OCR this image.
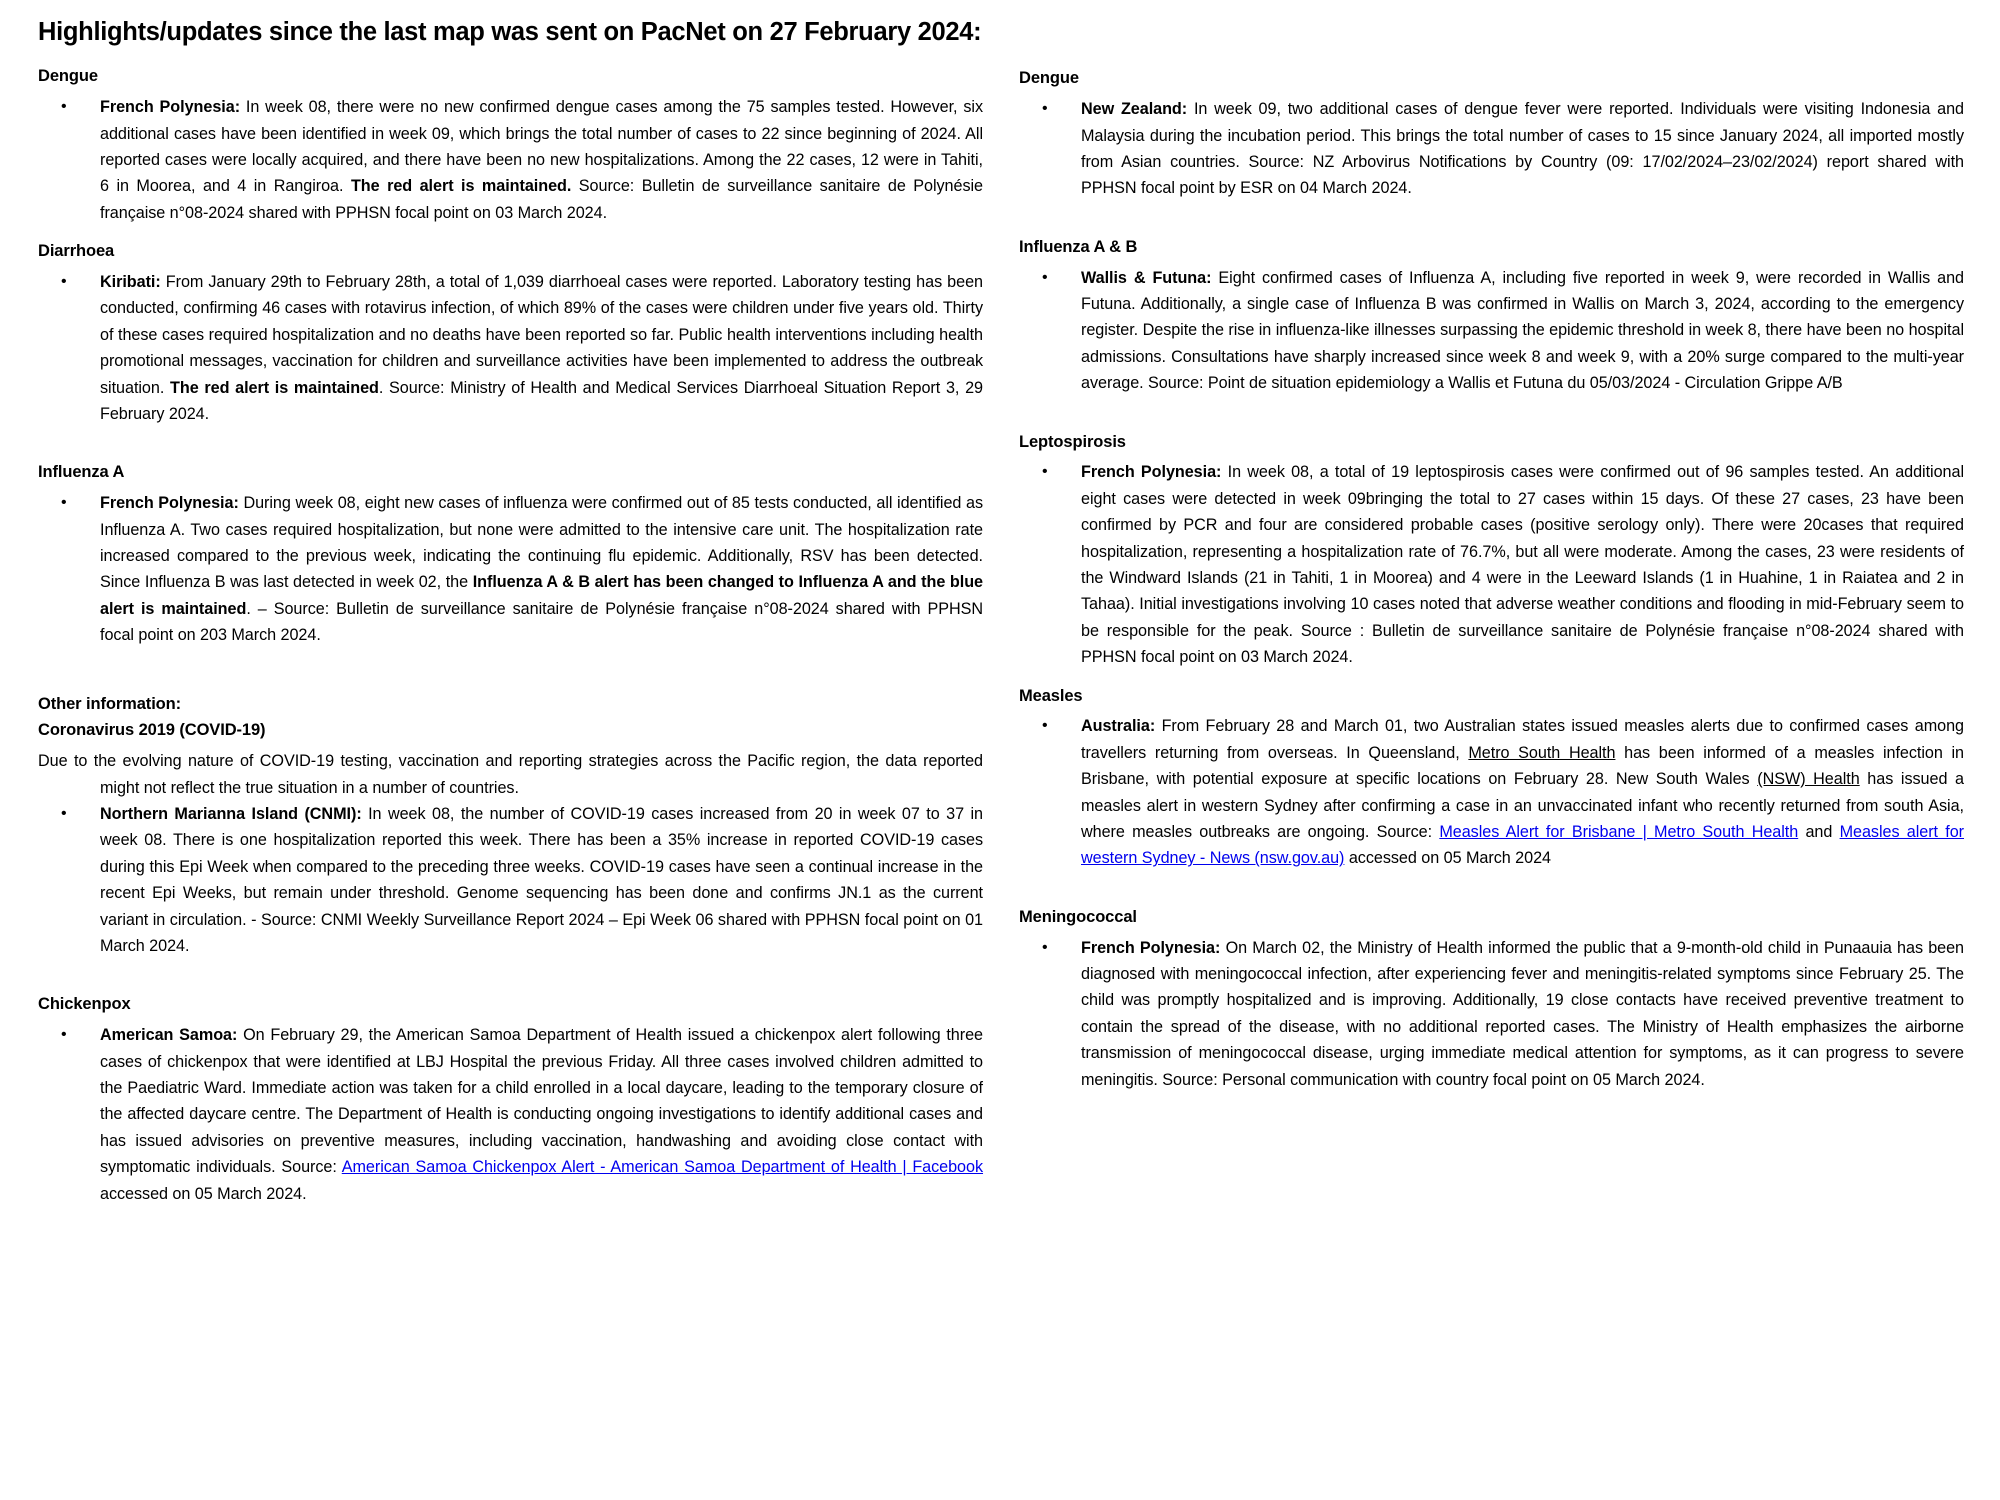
Highlights/updates since the last map was sent on PacNet on 27 February 2024:
Dengue
•	French Polynesia: In week 08, there were no new confirmed dengue cases among the 75 samples tested. However, six additional cases have been identified in week 09, which brings the total number of cases to 22 since beginning of 2024. All reported cases were locally acquired, and there have been no new hospitalizations. Among the 22 cases, 12 were in Tahiti, 6 in Moorea, and 4 in Rangiroa. The red alert is maintained. Source: Bulletin de surveillance sanitaire de Polynésie française n°08-2024 shared with PPHSN focal point on 03 March 2024.
Diarrhoea
•	Kiribati: From January 29th to February 28th, a total of 1,039 diarrhoeal cases were reported. Laboratory testing has been conducted, confirming 46 cases with rotavirus infection, of which 89% of the cases were children under five years old. Thirty of these cases required hospitalization and no deaths have been reported so far. Public health interventions including health promotional messages, vaccination for children and surveillance activities have been implemented to address the outbreak situation. The red alert is maintained. Source: Ministry of Health and Medical Services Diarrhoeal Situation Report 3, 29 February 2024.
Influenza A
•	French Polynesia: During week 08, eight new cases of influenza were confirmed out of 85 tests conducted, all identified as Influenza A. Two cases required hospitalization, but none were admitted to the intensive care unit. The hospitalization rate increased compared to the previous week, indicating the continuing flu epidemic. Additionally, RSV has been detected. Since Influenza B was last detected in week 02, the Influenza A & B alert has been changed to Influenza A and the blue alert is maintained. – Source: Bulletin de surveillance sanitaire de Polynésie française n°08-2024 shared with PPHSN focal point on 203 March 2024.
Other information:
Coronavirus 2019 (COVID-19)

Due to the evolving nature of COVID-19 testing, vaccination and reporting strategies across the Pacific region, the data reported might not reflect the true situation in a number of countries.

•	Northern Marianna Island (CNMI): In week 08, the number of COVID-19 cases increased from 20 in week 07 to 37 in week 08. There is one hospitalization reported this week. There has been a 35% increase in reported COVID-19 cases during this Epi Week when compared to the preceding three weeks. COVID-19 cases have seen a continual increase in the recent Epi Weeks, but remain under threshold. Genome sequencing has been done and confirms JN.1 as the current variant in circulation. - Source: CNMI Weekly Surveillance Report 2024 – Epi Week 06 shared with PPHSN focal point on 01 March 2024.
Chickenpox
•	American Samoa: On February 29, the American Samoa Department of Health issued a chickenpox alert following three cases of chickenpox that were identified at LBJ Hospital the previous Friday. All three cases involved children admitted to the Paediatric Ward. Immediate action was taken for a child enrolled in a local daycare, leading to the temporary closure of the affected daycare centre. The Department of Health is conducting ongoing investigations to identify additional cases and has issued advisories on preventive measures, including vaccination, handwashing and avoiding close contact with symptomatic individuals. Source: American Samoa Chickenpox Alert - American Samoa Department of Health | Facebook accessed on 05 March 2024.
Dengue
•	New Zealand: In week 09, two additional cases of dengue fever were reported. Individuals were visiting Indonesia and Malaysia during the incubation period. This brings the total number of cases to 15 since January 2024, all imported mostly from Asian countries. Source: NZ Arbovirus Notifications by Country (09: 17/02/2024–23/02/2024) report shared with PPHSN focal point by ESR on 04 March 2024.
Influenza A & B
•	Wallis & Futuna: Eight confirmed cases of Influenza A, including five reported in week 9, were recorded in Wallis and Futuna. Additionally, a single case of Influenza B was confirmed in Wallis on March 3, 2024, according to the emergency register. Despite the rise in influenza-like illnesses surpassing the epidemic threshold in week 8, there have been no hospital admissions. Consultations have sharply increased since week 8 and week 9, with a 20% surge compared to the multi-year average. Source: Point de situation epidemiology a Wallis et Futuna du 05/03/2024 - Circulation Grippe A/B
Leptospirosis
•	French Polynesia: In week 08, a total of 19 leptospirosis cases were confirmed out of 96 samples tested. An additional eight cases were detected in week 09bringing the total to 27 cases within 15 days. Of these 27 cases, 23 have been confirmed by PCR and four are considered probable cases (positive serology only). There were 20cases that required hospitalization, representing a hospitalization rate of 76.7%, but all were moderate. Among the cases, 23 were residents of the Windward Islands (21 in Tahiti, 1 in Moorea) and 4 were in the Leeward Islands (1 in Huahine, 1 in Raiatea and 2 in Tahaa). Initial investigations involving 10 cases noted that adverse weather conditions and flooding in mid-February seem to be responsible for the peak. Source : Bulletin de surveillance sanitaire de Polynésie française n°08-2024 shared with PPHSN focal point on 03 March 2024.
Measles
•	Australia: From February 28 and March 01, two Australian states issued measles alerts due to confirmed cases among travellers returning from overseas. In Queensland, Metro South Health has been informed of a measles infection in Brisbane, with potential exposure at specific locations on February 28. New South Wales (NSW) Health has issued a measles alert in western Sydney after confirming a case in an unvaccinated infant who recently returned from south Asia, where measles outbreaks are ongoing. Source: Measles Alert for Brisbane | Metro South Health and Measles alert for western Sydney - News (nsw.gov.au) accessed on 05 March 2024
Meningococcal
•	French Polynesia: On March 02, the Ministry of Health informed the public that a 9-month-old child in Punaauia has been diagnosed with meningococcal infection, after experiencing fever and meningitis-related symptoms since February 25. The child was promptly hospitalized and is improving. Additionally, 19 close contacts have received preventive treatment to contain the spread of the disease, with no additional reported cases. The Ministry of Health emphasizes the airborne transmission of meningococcal disease, urging immediate medical attention for symptoms, as it can progress to severe meningitis. Source: Personal communication with country focal point on 05 March 2024.
